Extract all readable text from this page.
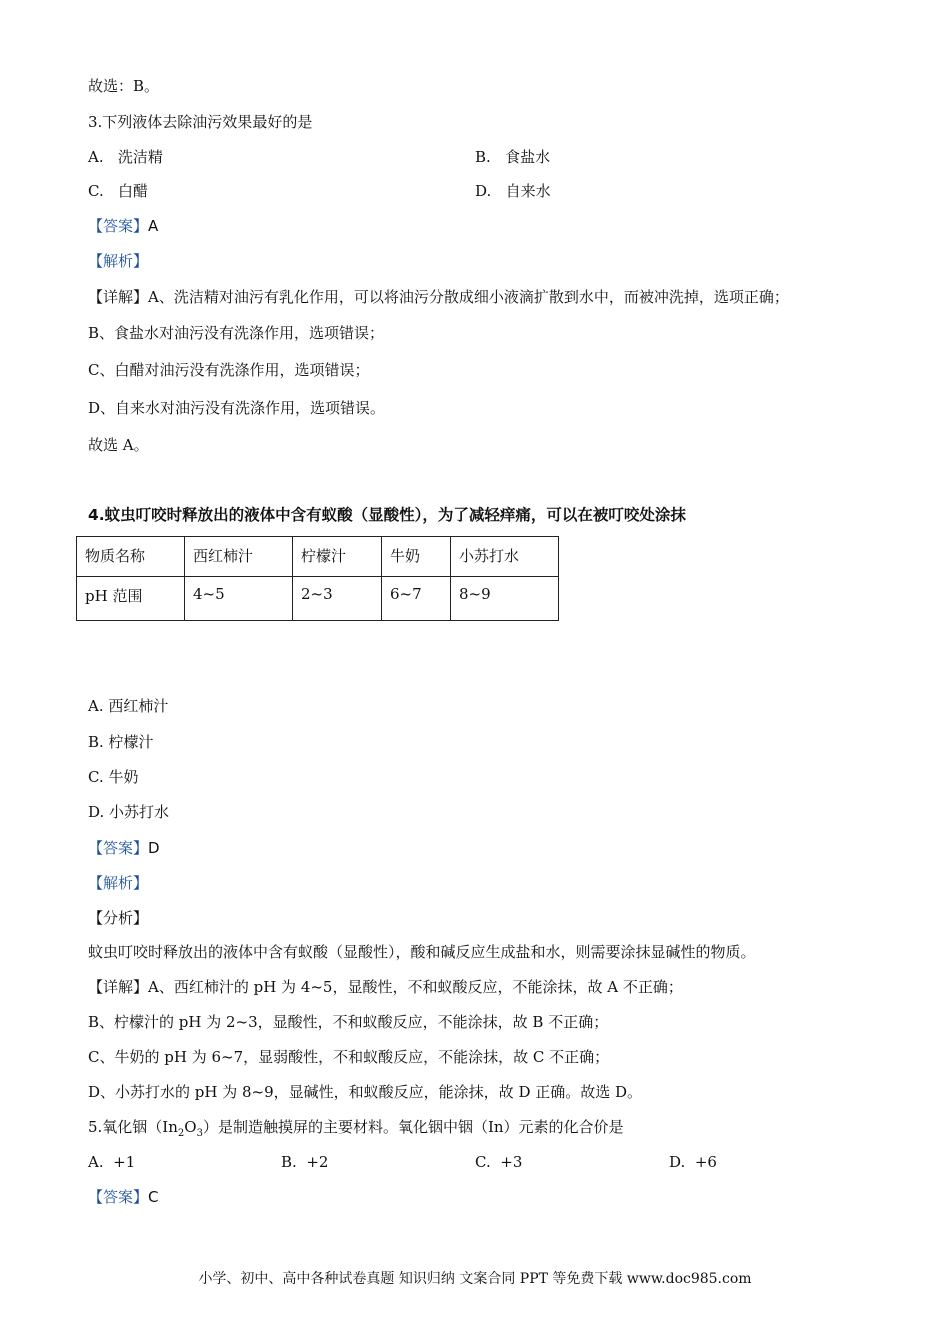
故选：B。
3.下列液体去除油污效果最好的是
A. 洗洁精	B. 食盐水
C. 白醋	D. 自来水
【答案】A
【解析】
【详解】A、洗洁精对油污有乳化作用，可以将油污分散成细小液滴扩散到水中，而被冲洗掉，选项正确；
B、食盐水对油污没有洗涤作用，选项错误；
C、白醋对油污没有洗涤作用，选项错误；
D、自来水对油污没有洗涤作用，选项错误。
故选 A。
4.蚊虫叮咬时释放出的液体中含有蚁酸（显酸性），为了减轻痒痛，可以在被叮咬处涂抹
物质名称	西红柿汁	柠檬汁	牛奶	小苏打水
pH 范围	4~5	2~3	6~7	8~9
A. 西红柿汁
B. 柠檬汁
C. 牛奶
D. 小苏打水
【答案】D
【解析】
【分析】
蚊虫叮咬时释放出的液体中含有蚁酸（显酸性），酸和碱反应生成盐和水，则需要涂抹显碱性的物质。
【详解】A、西红柿汁的 pH 为 4~5，显酸性，不和蚁酸反应，不能涂抹，故 A 不正确；
B、柠檬汁的 pH 为 2~3，显酸性，不和蚁酸反应，不能涂抹，故 B 不正确；
C、牛奶的 pH 为 6~7，显弱酸性，不和蚁酸反应，不能涂抹，故 C 不正确；
D、小苏打水的 pH 为 8~9，显碱性，和蚁酸反应，能涂抹，故 D 正确。故选 D。
5.氧化铟$(In_2O_3)$是制造触摸屏的主要材料。氧化铟中铟（In）元素的化合价是
A. +1	B. +2	C. +3	D. +6
【答案】C
小学、初中、高中各种试卷真题 知识归纳 文案合同 PPT 等免费下载 www.doc985.com
